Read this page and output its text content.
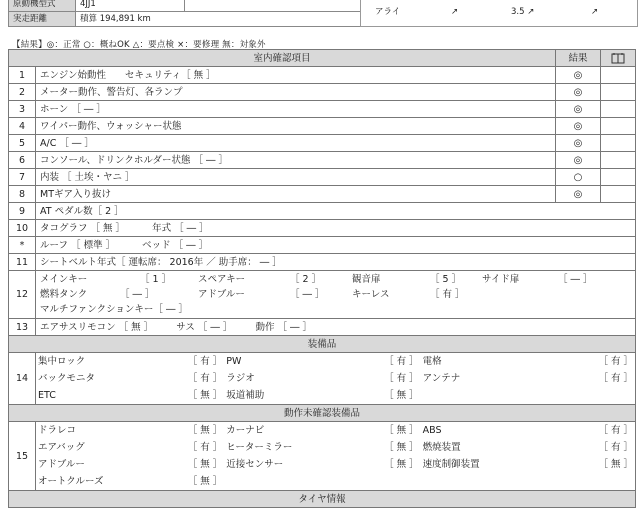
原動機型式	4JJ1
実走距離	積算 194,891 km
アライ	↗	3.5 ↗	↗
【結果】◎：正常 ○：概ねOK △：要点検 ×：要修理 無：対象外
室内確認項目	結果	
1	エンジン始動性　　セキュリティ［ 無 ］	◎	
2	メーター動作、警告灯、各ランプ	◎	
3	ホーン ［ ― ］	◎	
4	ワイパー動作、ウォッシャー状態	◎	
5	A/C ［ ― ］	◎	
6	コンソール、ドリンクホルダー状態 ［ ― ］	◎	
7	内装 ［ 土埃・ヤニ ］	○	
8	MTギア入り抜け	◎	
9	AT ペダル数［ 2 ］
10	タコグラフ ［ 無 ］	年式 ［ ― ］
*	ルーフ ［ 標準 ］	ベッド ［ ― ］
11	シートベルト年式［ 運転席： 2016年 ／ 助手席： ― ］
12	
メインキー	［ 1 ］	スペアキー	［ 2 ］	観音扉	［ 5 ］ サイド扉	［ ― ］
燃料タンク	［ ― ］	アドブルー	［ ― ］	キーレス	［ 有 ］
マルチファンクションキー［ ― ］

13	エアサスリモコン ［ 無 ］ サス ［ ― ］ 動作 ［ ― ］
装備品
14	
集中ロック	［ 有 ］	PW	［ 有 ］	電格	［ 有 ］
バックモニタ	［ 有 ］	ラジオ	［ 有 ］	アンテナ	［ 有 ］
ETC	［ 無 ］	坂道補助	［ 無 ］		

動作未確認装備品
15	
ドラレコ	［ 無 ］	カーナビ	［ 無 ］	ABS	［ 有 ］
エアバッグ	［ 有 ］	ヒーターミラー	［ 無 ］	燃焼装置	［ 有 ］
アドブルー	［ 無 ］	近接センサー	［ 無 ］	速度制御装置	［ 無 ］
オートクルーズ	［ 無 ］				

タイヤ情報
